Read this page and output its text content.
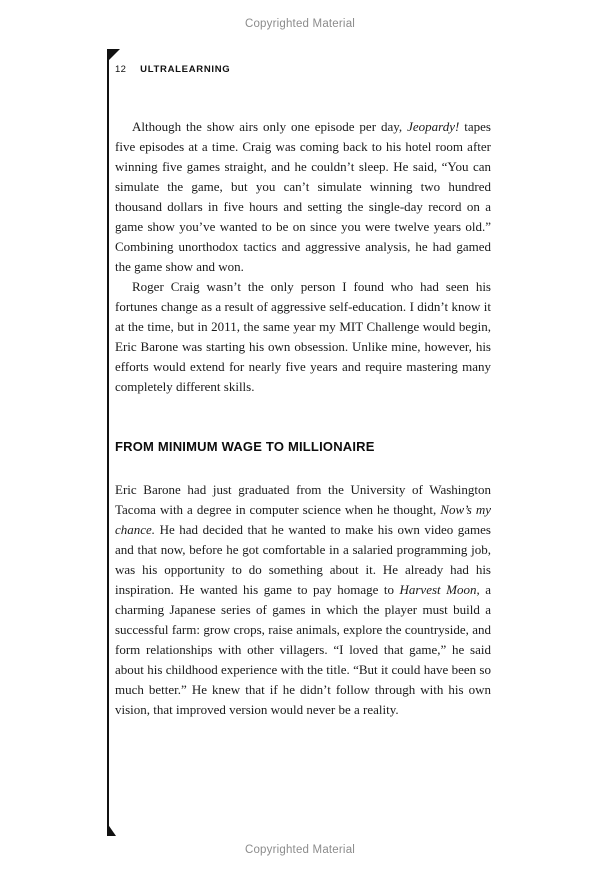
Copyrighted Material
12 ULTRALEARNING

Although the show airs only one episode per day, Jeopardy! tapes five episodes at a time. Craig was coming back to his hotel room after winning five games straight, and he couldn’t sleep. He said, “You can simulate the game, but you can’t simulate winning two hundred thousand dollars in five hours and setting the single-day record on a game show you’ve wanted to be on since you were twelve years old.” Combining unorthodox tactics and aggressive analysis, he had gamed the game show and won.

Roger Craig wasn’t the only person I found who had seen his fortunes change as a result of aggressive self-education. I didn’t know it at the time, but in 2011, the same year my MIT Challenge would begin, Eric Barone was starting his own obsession. Unlike mine, however, his efforts would extend for nearly five years and require mastering many completely different skills.

FROM MINIMUM WAGE TO MILLIONAIRE

Eric Barone had just graduated from the University of Washington Tacoma with a degree in computer science when he thought, Now’s my chance. He had decided that he wanted to make his own video games and that now, before he got comfortable in a salaried programming job, was his opportunity to do something about it. He already had his inspiration. He wanted his game to pay homage to Harvest Moon, a charming Japanese series of games in which the player must build a successful farm: grow crops, raise animals, explore the countryside, and form relationships with other villagers. “I loved that game,” he said about his childhood experience with the title. “But it could have been so much better.” He knew that if he didn’t follow through with his own vision, that improved version would never be a reality.

Copyrighted Material
